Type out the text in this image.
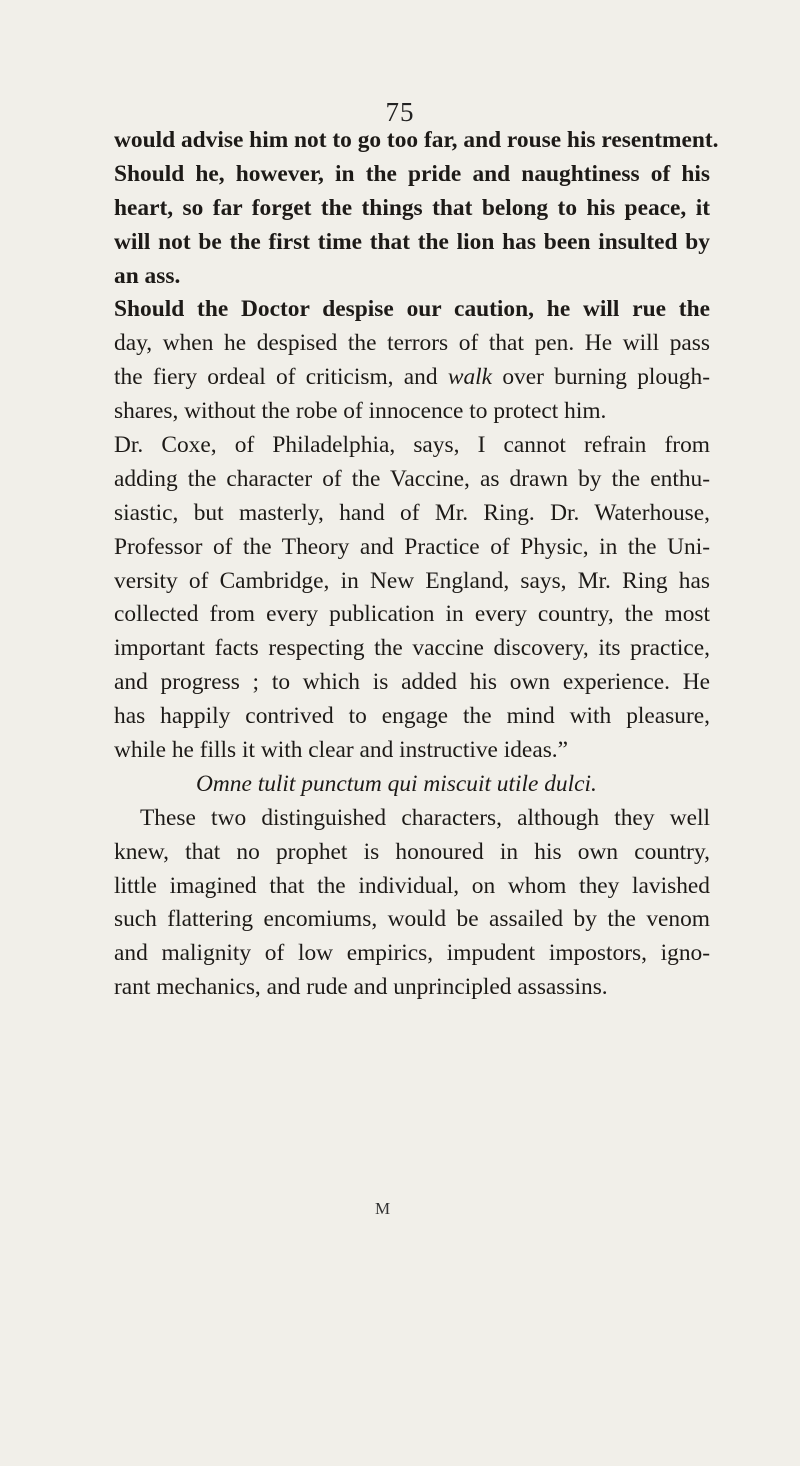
75
would advise him not to go too far, and rouse his resentment.
Should he, however, in the pride and naughtiness of his
heart, so far forget the things that belong to his peace, it
will not be the first time that the lion has been insulted by
an ass.
Should the Doctor despise our caution, he will rue the
day, when he despised the terrors of that pen. He will pass
the fiery ordeal of criticism, and walk over burning plough-
shares, without the robe of innocence to protect him.
Dr. Coxe, of Philadelphia, says, I cannot refrain from
adding the character of the Vaccine, as drawn by the enthu-
siastic, but masterly, hand of Mr. Ring. Dr. Waterhouse,
Professor of the Theory and Practice of Physic, in the Uni-
versity of Cambridge, in New England, says, Mr. Ring has
collected from every publication in every country, the most
important facts respecting the vaccine discovery, its practice,
and progress ; to which is added his own experience. He
has happily contrived to engage the mind with pleasure,
while he fills it with clear and instructive ideas.”
Omne tulit punctum qui miscuit utile dulci.
These two distinguished characters, although they well
knew, that no prophet is honoured in his own country,
little imagined that the individual, on whom they lavished
such flattering encomiums, would be assailed by the venom
and malignity of low empirics, impudent impostors, igno-
rant mechanics, and rude and unprincipled assassins.
M
